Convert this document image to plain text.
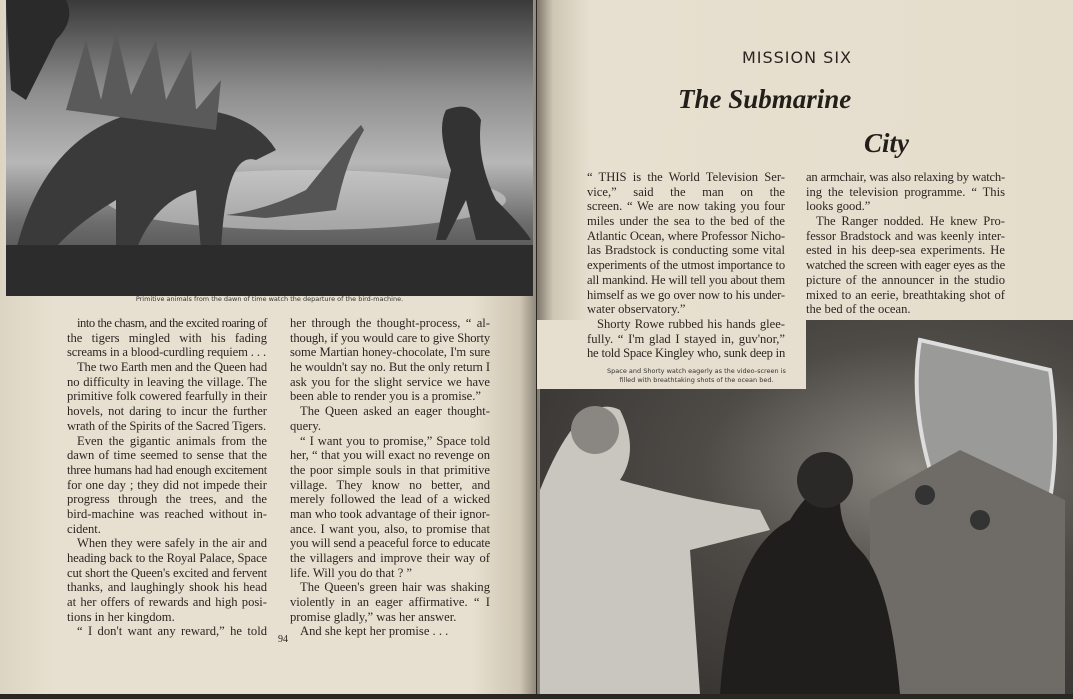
Primitive animals from the dawn of time watch the departure of the bird-machine.
into the chasm, and the excited roaring of
the tigers mingled with his fading
screams in a blood-curdling requiem . . .
The two Earth men and the Queen had
no difficulty in leaving the village. The
primitive folk cowered fearfully in their
hovels, not daring to incur the further
wrath of the Spirits of the Sacred Tigers.
Even the gigantic animals from the
dawn of time seemed to sense that the
three humans had had enough excitement
for one day ; they did not impede their
progress through the trees, and the
bird-machine was reached without in-
cident.
When they were safely in the air and
heading back to the Royal Palace, Space
cut short the Queen's excited and fervent
thanks, and laughingly shook his head
at her offers of rewards and high posi-
tions in her kingdom.
“ I don't want any reward,” he told
her through the thought-process, “ al-
though, if you would care to give Shorty
some Martian honey-chocolate, I'm sure
he wouldn't say no. But the only return I
ask you for the slight service we have
been able to render you is a promise.”
The Queen asked an eager thought-
query.
“ I want you to promise,” Space told
her, “ that you will exact no revenge on
the poor simple souls in that primitive
village. They know no better, and
merely followed the lead of a wicked
man who took advantage of their ignor-
ance. I want you, also, to promise that
you will send a peaceful force to educate
the villagers and improve their way of
life. Will you do that ? ”
The Queen's green hair was shaking
violently in an eager affirmative. “ I
promise gladly,” was her answer.
And she kept her promise . . .
94
MISSION SIX
The Submarine
City
“ THIS is the World Television Ser-
vice,” said the man on the
screen. “ We are now taking you four
miles under the sea to the bed of the
Atlantic Ocean, where Professor Nicho-
las Bradstock is conducting some vital
experiments of the utmost importance to
all mankind. He will tell you about them
himself as we go over now to his under-
water observatory.”
Shorty Rowe rubbed his hands glee-
fully. “ I'm glad I stayed in, guv'nor,”
he told Space Kingley who, sunk deep in
an armchair, was also relaxing by watch-
ing the television programme. “ This
looks good.”
The Ranger nodded. He knew Pro-
fessor Bradstock and was keenly inter-
ested in his deep-sea experiments. He
watched the screen with eager eyes as the
picture of the announcer in the studio
mixed to an eerie, breathtaking shot of
the bed of the ocean.
Space and Shorty watch eagerly as the video-screen is
filled with breathtaking shots of the ocean bed.
